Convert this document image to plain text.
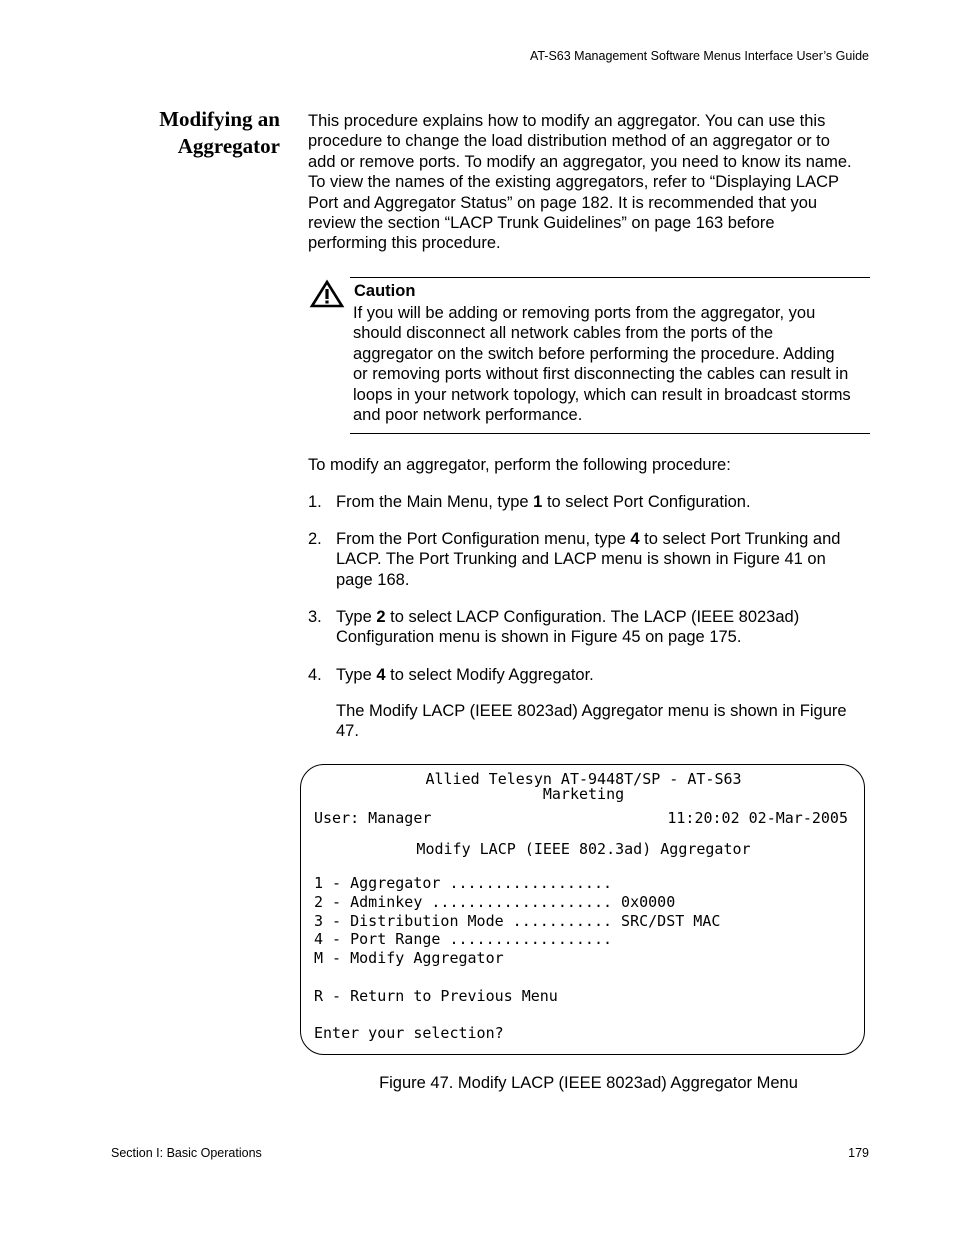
AT-S63 Management Software Menus Interface User’s Guide
Modifying an
Aggregator
This procedure explains how to modify an aggregator. You can use this
procedure to change the load distribution method of an aggregator or to
add or remove ports. To modify an aggregator, you need to know its name.
To view the names of the existing aggregators, refer to “Displaying LACP
Port and Aggregator Status” on page 182. It is recommended that you
review the section “LACP Trunk Guidelines” on page 163 before
performing this procedure.
Caution
If you will be adding or removing ports from the aggregator, you
should disconnect all network cables from the ports of the
aggregator on the switch before performing the procedure. Adding
or removing ports without first disconnecting the cables can result in
loops in your network topology, which can result in broadcast storms
and poor network performance.
To modify an aggregator, perform the following procedure:
1. From the Main Menu, type 1 to select Port Configuration.
2. From the Port Configuration menu, type 4 to select Port Trunking and
LACP. The Port Trunking and LACP menu is shown in Figure 41 on
page 168.
3. Type 2 to select LACP Configuration. The LACP (IEEE 8023ad)
Configuration menu is shown in Figure 45 on page 175.
4. Type 4 to select Modify Aggregator.
The Modify LACP (IEEE 8023ad) Aggregator menu is shown in Figure
47.
Allied Telesyn AT-9448T/SP - AT-S63
Marketing
User: Manager	11:20:02 02-Mar-2005
Modify LACP (IEEE 802.3ad) Aggregator
1 - Aggregator ..................
2 - Adminkey .................... 0x0000
3 - Distribution Mode ........... SRC/DST MAC
4 - Port Range ..................
M - Modify Aggregator
R - Return to Previous Menu
Enter your selection?
Figure 47. Modify LACP (IEEE 8023ad) Aggregator Menu
Section I: Basic Operations	179
